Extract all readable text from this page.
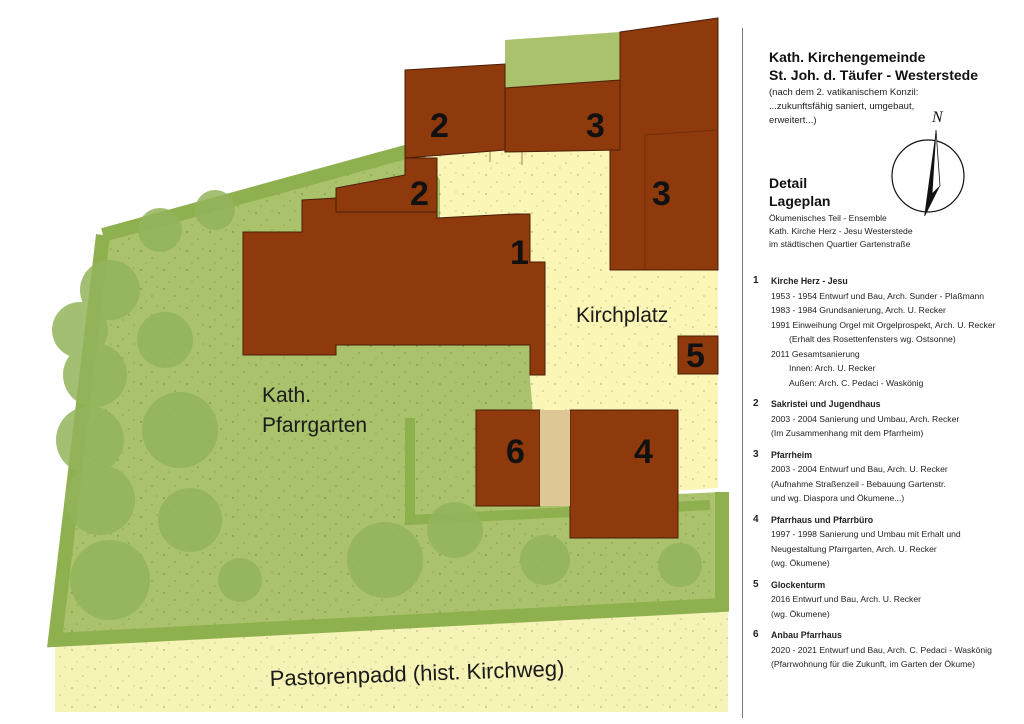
2	3
2	3
1
5
6	4
Kirchplatz
Kath.
Pfarrgarten
Pastorenpadd (hist. Kirchweg)
Kath. Kirchengemeinde
St. Joh. d. Täufer - Westerstede
(nach dem 2. vatikanischem Konzil:
...zukunftsfähig saniert, umgebaut,
erweitert...)	N
Detail
Lageplan
Ökumenisches Teil - Ensemble
Kath. Kirche Herz - Jesu Westerstede
im städtischen Quartier Gartenstraße
1 Kirche Herz - Jesu
1953 - 1954 Entwurf und Bau, Arch. Sunder - Plaßmann
1983 - 1984 Grundsanierung, Arch. U. Recker
1991 Einweihung Orgel mit Orgelprospekt, Arch. U. Recker
(Erhalt des Rosettenfensters wg. Ostsonne)
2011 Gesamtsanierung
Innen: Arch. U. Recker
Außen: Arch. C. Pedaci - Waskönig
2 Sakristei und Jugendhaus
2003 - 2004 Sanierung und Umbau, Arch. Recker
(Im Zusammenhang mit dem Pfarrheim)
3 Pfarrheim
2003 - 2004 Entwurf und Bau, Arch. U. Recker
(Aufnahme Straßenzeil - Bebauung Gartenstr.
und wg. Diaspora und Ökumene...)
4 Pfarrhaus und Pfarrbüro
1997 - 1998 Sanierung und Umbau mit Erhalt und
Neugestaltung Pfarrgarten, Arch. U. Recker
(wg. Ökumene)
5 Glockenturm
2016 Entwurf und Bau, Arch. U. Recker
(wg. Ökumene)
6 Anbau Pfarrhaus
2020 - 2021 Entwurf und Bau, Arch. C. Pedaci - Waskönig
(Pfarrwohnung für die Zukunft, im Garten der Ökume)
